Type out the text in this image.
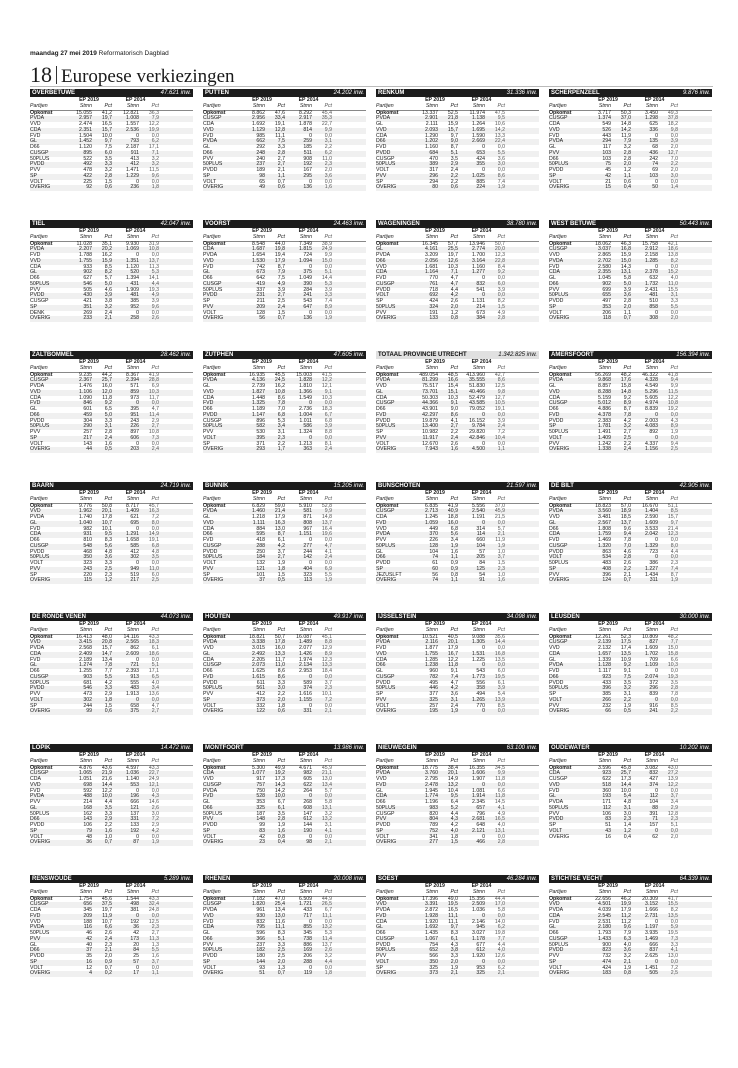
maandag 27 mei 2019 Reformatorisch Dagblad
18 Europese verkiezingen
OVERBETUWE	47.621 inw.
EP 2019	EP 2014
Partijen	Stmn	Pct	Stmn	Pct
Opkomst	15.055	41,2	12.821	36,3
PVDA	2.957	19,7	1.008	7,9
VVD	2.474	16,5	1.557	12,2
CDA	2.351	15,7	2.536	19,9
FVD	1.504	10,0	0	0,0
GL	1.452	9,7	793	6,2
D66	1.120	7,5	2.187	17,1
CUSGP	895	6,0	911	7,1
50PLUS	522	3,5	413	3,2
PVDD	492	3,3	412	3,2
PVV	478	3,2	1.471	11,5
SP	422	2,8	1.229	9,6
VOLT	225	1,5	0	0,0
OVERIG	92	0,6	236	1,8
PUTTEN	24.202 inw.
EP 2019	EP 2014
Partijen	Stmn	Pct	Stmn	Pct
Opkomst	8.862	47,6	8.292	45,4
CUSGP	2.956	33,4	2.917	35,3
CDA	1.692	19,1	1.878	22,7
VVD	1.129	12,8	814	9,9
FVD	985	11,1	0	0,0
PVDA	662	7,5	259	3,1
GL	292	3,3	185	2,2
D66	248	2,8	511	6,2
PVV	240	2,7	908	11,0
50PLUS	237	2,7	192	2,3
PVDD	189	2,1	167	2,0
SP	98	1,1	295	3,6
VOLT	65	0,7	0	0,0
OVERIG	49	0,6	136	1,6
RENKUM	31.336 inw.
EP 2019	EP 2014
Partijen	Stmn	Pct	Stmn	Pct
Opkomst	13.337	52,5	11.974	47,5
PVDA	2.901	21,8	1.138	9,5
GL	2.111	15,9	1.264	10,6
VVD	2.093	15,7	1.695	14,2
CDA	1.290	9,7	1.590	13,3
D66	1.202	9,0	2.669	22,4
FVD	1.160	8,7	0	0,0
PVDD	684	5,1	653	5,5
CUSGP	470	3,5	424	3,6
50PLUS	389	2,9	355	3,0
VOLT	317	2,4	0	0,0
PVV	296	2,2	1.025	8,6
SP	294	2,2	885	7,4
OVERIG	80	0,6	224	1,9
SCHERPENZEEL	9.876 inw.
EP 2019	EP 2014
Partijen	Stmn	Pct	Stmn	Pct
Opkomst	3.717	50,3	3.450	49,3
CUSGP	1.374	37,0	1.298	37,8
CDA	549	14,8	625	18,2
VVD	526	14,2	336	9,8
FVD	443	11,9	0	0,0
PVDA	294	7,9	135	3,9
GL	117	3,2	68	2,0
PVV	103	2,8	436	12,7
D66	103	2,8	242	7,0
50PLUS	75	2,0	74	2,2
PVDD	45	1,2	69	2,0
SP	42	1,1	103	3,0
VOLT	21	0,6	0	0,0
OVERIG	15	0,4	50	1,4
TIEL	42.047 inw.
EP 2019	EP 2014
Partijen	Stmn	Pct	Stmn	Pct
Opkomst	11.028	35,1	9.930	31,9
PVDA	2.207	20,2	1.069	10,8
FVD	1.788	16,2	0	0,0
VVD	1.755	15,9	1.351	13,7
CDA	933	8,5	1.120	11,3
GL	902	8,2	520	5,3
D66	627	5,7	1.394	14,1
50PLUS	546	5,0	431	4,4
PVV	505	4,6	1.909	19,3
PVDD	430	3,9	481	4,9
CUSGP	421	3,8	385	3,9
SP	351	3,2	952	9,6
DENK	269	2,4	0	0,0
OVERIG	233	2,1	258	2,6
VOORST	24.463 inw.
EP 2019	EP 2014
Partijen	Stmn	Pct	Stmn	Pct
Opkomst	8.548	44,0	7.349	38,9
CDA	1.687	19,8	1.815	24,9
PVDA	1.654	19,4	724	9,9
VVD	1.530	17,9	1.094	15,0
FVD	742	8,7	0	0,0
GL	673	7,9	375	5,1
D66	642	7,5	1.049	14,4
CUSGP	419	4,9	390	5,3
50PLUS	337	3,9	284	3,9
PVDD	231	2,7	241	3,3
SP	211	2,5	543	7,4
PVV	209	2,4	647	8,9
VOLT	128	1,5	0	0,0
OVERIG	56	0,7	136	1,9
WAGENINGEN	38.780 inw.
EP 2019	EP 2014
Partijen	Stmn	Pct	Stmn	Pct
Opkomst	16.345	57,7	13.946	50,7
GL	4.161	25,5	2.774	20,0
PVDA	3.209	19,7	1.700	12,3
D66	2.056	12,6	3.164	22,8
VVD	1.681	10,3	1.160	8,4
CDA	1.164	7,1	1.277	9,2
FVD	770	4,7	0	0,0
CUSGP	761	4,7	832	6,0
PVDD	718	4,4	541	3,9
VOLT	692	4,2	0	0,0
SP	424	2,6	1.131	8,2
50PLUS	324	2,0	214	1,5
PVV	191	1,2	673	4,9
OVERIG	133	0,8	384	2,8
WEST BETUWE	50.443 inw.
EP 2019	EP 2014
Partijen	Stmn	Pct	Stmn	Pct
Opkomst	18.062	46,3	15.758	42,1
CUSGP	3.037	16,8	2.912	18,6
VVD	2.865	15,9	2.158	13,8
PVDA	2.702	15,0	1.285	8,2
FVD	2.580	14,3	0	0,0
CDA	2.355	13,1	2.378	15,2
GL	1.045	5,8	632	4,0
D66	902	5,0	1.732	11,0
PVV	699	3,9	2.431	15,5
50PLUS	655	3,6	481	3,1
PVDD	497	2,8	510	3,3
SP	353	2,0	858	5,5
VOLT	206	1,1	0	0,0
OVERIG	118	0,7	308	2,0
ZALTBOMMEL	28.462 inw.
EP 2019	EP 2014
Partijen	Stmn	Pct	Stmn	Pct
Opkomst	9.235	44,2	8.367	41,9
CUSGP	2.367	25,7	2.394	28,8
PVDA	1.476	16,0	571	6,9
VVD	1.106	12,0	859	10,3
CDA	1.090	11,8	973	11,7
FVD	846	9,2	0	0,0
GL	601	6,5	395	4,7
D66	459	5,0	951	11,4
PVDD	304	3,3	243	2,9
50PLUS	290	3,1	226	2,7
PVV	257	2,8	897	10,8
SP	217	2,4	606	7,3
VOLT	143	1,6	0	0,0
OVERIG	44	0,5	203	2,4
ZUTPHEN	47.605 inw.
EP 2019	EP 2014
Partijen	Stmn	Pct	Stmn	Pct
Opkomst	16.935	45,5	15.003	41,5
PVDA	4.136	24,5	1.828	12,2
GL	2.739	16,2	1.810	12,1
VVD	1.827	10,8	1.366	9,1
CDA	1.448	8,6	1.549	10,3
FVD	1.325	7,8	0	0,0
D66	1.189	7,0	2.736	18,3
PVDD	1.147	6,8	1.004	6,7
CUSGP	896	5,3	1.011	6,8
50PLUS	582	3,4	586	3,9
PVV	530	3,1	1.324	8,8
VOLT	395	2,3	0	0,0
SP	371	2,2	1.213	8,1
OVERIG	293	1,7	363	2,4
TOTAAL PROVINCIE UTRECHT	1.342.825 inw.
EP 2019	EP 2014
Partijen	Stmn	Pct	Stmn	Pct
Opkomst	489.054	48,5	413.960	42,7
PVDA	81.299	16,6	35.555	8,6
VVD	75.517	15,4	51.830	12,5
GL	73.701	15,1	40.466	9,8
CDA	50.303	10,3	52.479	12,7
CUSGP	44.366	9,1	43.585	10,5
D66	43.901	9,0	79.052	19,1
FVD	42.297	8,6	0	0,0
PVDD	19.879	4,1	16.152	3,9
50PLUS	13.400	2,7	9.784	2,4
SP	10.982	2,2	29.820	7,2
PVV	11.917	2,4	42.846	10,4
VOLT	12.670	2,6	0	0,0
OVERIG	7.943	1,6	4.500	1,1
AMERSFOORT	156.394 inw.
EP 2019	EP 2014
Partijen	Stmn	Pct	Stmn	Pct
Opkomst	56.269	48,2	46.322	41,8
PVDA	9.868	17,6	4.328	9,4
GL	8.857	15,8	4.549	9,9
VVD	8.288	14,8	5.296	11,5
CDA	5.159	9,2	5.605	12,2
CUSGP	5.012	8,9	4.974	10,8
D66	4.886	8,7	8.839	19,2
FVD	4.378	7,8	0	0,0
PVDD	2.383	4,2	2.003	4,3
SP	1.781	3,2	4.083	8,9
50PLUS	1.491	2,7	892	1,9
VOLT	1.409	2,5	0	0,0
PVV	1.242	2,2	4.337	9,4
OVERIG	1.338	2,4	1.156	2,5
BAARN	24.719 inw.
EP 2019	EP 2014
Partijen	Stmn	Pct	Stmn	Pct
Opkomst	9.776	50,8	8.717	45,7
VVD	1.962	20,1	1.409	16,3
PVDA	1.740	17,8	621	7,2
GL	1.040	10,7	695	8,0
FVD	982	10,1	0	0,0
CDA	931	9,5	1.291	14,9
D66	810	8,3	1.658	19,1
CUSGP	548	5,6	585	6,8
PVDD	468	4,8	412	4,8
50PLUS	350	3,6	302	3,5
VOLT	323	3,3	0	0,0
PVV	243	2,5	949	11,0
SP	220	2,3	519	6,0
OVERIG	115	1,2	217	2,5
BUNNIK	15.205 inw.
EP 2019	EP 2014
Partijen	Stmn	Pct	Stmn	Pct
Opkomst	6.829	59,0	5.910	52,8
PVDA	1.460	21,4	581	9,9
GL	1.218	17,9	871	14,8
VVD	1.111	16,3	808	13,7
CDA	884	13,0	967	16,4
D66	595	8,7	1.151	19,6
FVD	418	6,1	0	0,0
CUSGP	288	4,2	277	4,7
PVDD	250	3,7	244	4,1
50PLUS	184	2,7	142	2,4
VOLT	132	1,9	0	0,0
PVV	121	1,8	404	6,9
SP	101	1,5	323	5,5
OVERIG	37	0,5	113	1,9
BUNSCHOTEN	21.597 inw.
EP 2019	EP 2014
Partijen	Stmn	Pct	Stmn	Pct
Opkomst	6.835	41,9	5.556	37,0
CUSGP	2.713	40,9	2.540	45,9
CDA	1.245	18,8	1.191	21,5
FVD	1.059	16,0	0	0,0
VVD	449	6,8	314	5,7
PVDA	370	5,6	114	2,1
PVV	226	3,4	660	11,9
50PLUS	128	1,9	104	1,9
GL	104	1,6	57	1,0
D66	74	1,1	205	3,7
PVDD	61	0,9	84	1,5
SP	60	0,9	125	2,3
JEZUSLFT	56	0,8	54	1,0
OVERIG	74	1,1	91	1,6
DE BILT	42.905 inw.
EP 2019	EP 2014
Partijen	Stmn	Pct	Stmn	Pct
Opkomst	18.823	57,0	16.670	51,1
PVDA	3.560	18,9	1.404	8,5
VVD	3.481	18,5	2.590	15,7
GL	2.567	13,7	1.609	9,7
D66	1.808	9,6	3.533	21,4
CDA	1.759	9,4	2.042	12,3
FVD	1.469	7,8	0	0,0
CUSGP	1.320	7,0	1.329	8,0
PVDD	863	4,6	723	4,4
VOLT	534	2,8	0	0,0
50PLUS	483	2,6	386	2,3
SP	408	2,2	1.227	7,4
PVV	396	2,1	1.434	8,7
OVERIG	124	0,7	311	1,9
DE RONDE VENEN	44.073 inw.
EP 2019	EP 2014
Partijen	Stmn	Pct	Stmn	Pct
Opkomst	16.413	48,0	14.116	43,3
VVD	3.415	20,8	2.565	18,3
PVDA	2.568	15,7	862	6,1
CDA	2.409	14,7	2.609	18,6
FVD	2.189	13,4	0	0,0
GL	1.274	7,8	721	5,1
D66	1.255	7,7	2.393	17,1
CUSGP	903	5,5	913	6,5
50PLUS	681	4,2	555	4,0
PVDD	546	3,3	483	3,4
PVV	473	2,9	1.913	13,6
VOLT	302	1,8	0	0,0
SP	244	1,5	658	4,7
OVERIG	99	0,6	375	2,7
HOUTEN	49.917 inw.
EP 2019	EP 2014
Partijen	Stmn	Pct	Stmn	Pct
Opkomst	18.821	50,7	16.087	45,1
PVDA	3.338	17,8	1.489	8,8
VVD	3.015	16,0	2.077	12,9
GL	2.492	13,3	1.426	8,9
CDA	2.205	11,7	1.974	12,3
CUSGP	2.073	11,0	2.134	13,3
D66	1.625	8,6	2.953	18,4
FVD	1.615	8,6	0	0,0
PVDD	611	3,3	589	3,7
50PLUS	561	3,0	374	2,3
PVV	412	2,2	1.616	10,1
SP	373	2,0	1.155	7,2
VOLT	332	1,8	0	0,0
OVERIG	122	0,6	331	2,1
IJSSELSTEIN	34.098 inw.
EP 2019	EP 2014
Partijen	Stmn	Pct	Stmn	Pct
Opkomst	10.521	40,5	9.088	35,6
PVDA	2.116	20,1	1.305	14,4
FVD	1.877	17,9	0	0,0
VVD	1.755	16,7	1.531	16,8
CDA	1.285	12,2	1.225	13,5
D66	1.238	11,8	0	0,0
GL	960	9,1	543	6,0
CUSGP	782	7,4	1.773	19,5
PVDD	495	4,7	556	6,1
50PLUS	446	4,2	358	3,9
SP	377	3,6	494	5,4
PVV	325	3,1	1.265	13,9
VOLT	257	2,4	770	8,5
OVERIG	195	1,9	0	0,0
LEUSDEN	30.000 inw.
EP 2019	EP 2014
Partijen	Stmn	Pct	Stmn	Pct
Opkomst	12.261	52,3	10.809	48,2
CUSGP	2.139	17,5	827	7,7
VVD	2.132	17,4	1.609	15,0
CDA	1.657	13,5	1.702	15,8
GL	1.339	10,9	709	6,6
PVDA	1.128	9,2	1.109	10,3
FVD	1.117	9,1	0	0,0
D66	923	7,5	2.074	19,3
PVDD	433	3,5	372	3,5
50PLUS	396	3,2	296	2,8
SP	385	3,1	839	7,8
VOLT	266	2,2	0	0,0
PVV	232	1,9	916	8,5
OVERIG	66	0,5	241	2,2
LOPIK	14.472 inw.
EP 2019	EP 2014
Partijen	Stmn	Pct	Stmn	Pct
Opkomst	4.876	43,6	4.597	43,3
CUSGP	1.065	21,9	1.036	22,7
CDA	1.051	21,6	1.140	24,9
VVD	698	14,4	553	12,1
FVD	592	12,2	0	0,0
PVDA	488	10,0	196	4,3
PVV	214	4,4	666	14,6
GL	168	3,5	121	2,6
50PLUS	162	3,3	137	3,0
D66	143	2,9	331	7,2
PVDD	106	2,2	133	2,9
SP	79	1,6	192	4,2
VOLT	48	1,0	0	0,0
OVERIG	36	0,7	87	1,9
MONTFOORT	13.986 inw.
EP 2019	EP 2014
Partijen	Stmn	Pct	Stmn	Pct
Opkomst	5.300	49,9	4.671	45,9
CDA	1.077	19,2	982	21,1
VVD	917	17,3	605	13,0
CUSGP	757	14,3	622	13,4
PVDA	750	14,2	264	5,7
FVD	528	10,0	0	0,0
GL	353	6,7	268	5,8
D66	325	6,1	608	13,1
50PLUS	187	3,5	147	3,2
PVV	148	2,8	612	13,2
PVDD	99	1,9	144	3,1
SP	83	1,6	190	4,1
VOLT	42	0,8	0	0,0
OVERIG	23	0,4	98	2,1
NIEUWEGEIN	63.100 inw.
EP 2019	EP 2014
Partijen	Stmn	Pct	Stmn	Pct
Opkomst	18.775	38,4	16.355	34,5
PVDA	3.760	20,1	1.606	9,9
VVD	2.795	14,9	1.907	11,8
FVD	2.478	13,2	0	0,0
GL	1.945	10,4	1.081	6,6
CDA	1.774	9,5	1.914	11,8
D66	1.196	6,4	2.345	14,5
50PLUS	983	5,2	657	4,1
CUSGP	820	4,4	796	4,9
PVV	804	4,3	2.681	16,5
PVDD	789	4,2	648	4,0
SP	752	4,0	2.121	13,1
VOLT	341	1,8	0	0,0
OVERIG	277	1,5	466	2,8
OUDEWATER	10.202 inw.
EP 2019	EP 2014
Partijen	Stmn	Pct	Stmn	Pct
Opkomst	3.596	45,8	3.082	43,0
CDA	923	25,7	832	27,2
CUSGP	622	17,3	427	13,9
VVD	518	14,4	374	12,2
FVD	360	10,0	0	0,0
GL	193	5,4	112	3,7
PVDA	171	4,8	104	3,4
50PLUS	112	3,1	88	2,9
PVV	106	3,0	391	12,8
PVDD	83	2,3	71	2,3
SP	51	1,4	157	5,1
VOLT	43	1,2	0	0,0
OVERIG	16	0,4	62	2,0
RENSWOUDE	5.289 inw.
EP 2019	EP 2014
Partijen	Stmn	Pct	Stmn	Pct
Opkomst	1.754	45,6	1.544	43,3
CUSGP	656	37,5	498	32,4
CDA	345	19,7	381	24,8
FVD	209	11,9	0	0,0
VVD	188	10,7	192	12,5
PVDA	116	6,6	36	2,3
50PLUS	46	2,6	42	2,7
PVV	42	2,4	173	11,3
GL	40	2,3	20	1,3
D66	37	2,1	84	5,5
PVDD	35	2,0	25	1,6
SP	16	0,9	57	3,7
VOLT	12	0,7	0	0,0
OVERIG	4	0,2	17	1,1
RHENEN	20.008 inw.
EP 2019	EP 2014
Partijen	Stmn	Pct	Stmn	Pct
Opkomst	7.182	47,0	6.509	44,9
CUSGP	1.820	25,4	1.721	26,5
PVDA	961	13,4	433	6,7
VVD	930	13,0	717	11,1
FVD	832	11,6	0	0,0
CDA	795	11,1	855	13,2
GL	596	8,3	345	5,3
D66	366	5,1	738	11,4
PVV	237	3,3	886	13,7
50PLUS	182	2,5	169	2,6
PVDD	180	2,5	206	3,2
SP	144	2,0	288	4,4
VOLT	93	1,3	0	0,0
OVERIG	51	0,7	119	1,8
SOEST	46.284 inw.
EP 2019	EP 2014
Partijen	Stmn	Pct	Stmn	Pct
Opkomst	17.396	49,0	15.356	44,4
VVD	3.391	19,5	2.509	17,0
PVDA	2.872	16,5	1.036	5,8
FVD	1.928	11,1	0	0,0
CDA	1.920	11,1	2.146	14,0
GL	1.692	9,7	945	6,2
D66	1.435	8,3	3.027	19,8
CUSGP	1.067	6,1	1.178	7,7
PVDD	754	4,3	677	4,4
50PLUS	652	3,8	612	4,0
PVV	566	3,3	1.920	12,6
VOLT	350	2,0	0	0,0
SP	325	1,9	953	6,2
OVERIG	373	2,1	325	2,1
STICHTSE VECHT	64.339 inw.
EP 2019	EP 2014
Partijen	Stmn	Pct	Stmn	Pct
Opkomst	22.656	46,2	20.309	41,7
VVD	4.501	19,9	3.152	15,5
PVDA	4.039	17,9	1.666	8,2
CDA	2.545	11,2	2.731	13,5
FVD	2.531	11,2	0	0,0
GL	2.180	9,6	1.197	5,9
D66	1.793	7,9	3.935	19,5
CUSGP	1.433	6,3	1.469	7,3
50PLUS	900	4,0	666	3,3
PVDD	823	3,6	837	4,1
PVV	732	3,2	2.625	13,0
SP	474	2,1	0	0,0
VOLT	424	1,9	1.451	7,2
OVERIG	183	0,8	505	2,5
